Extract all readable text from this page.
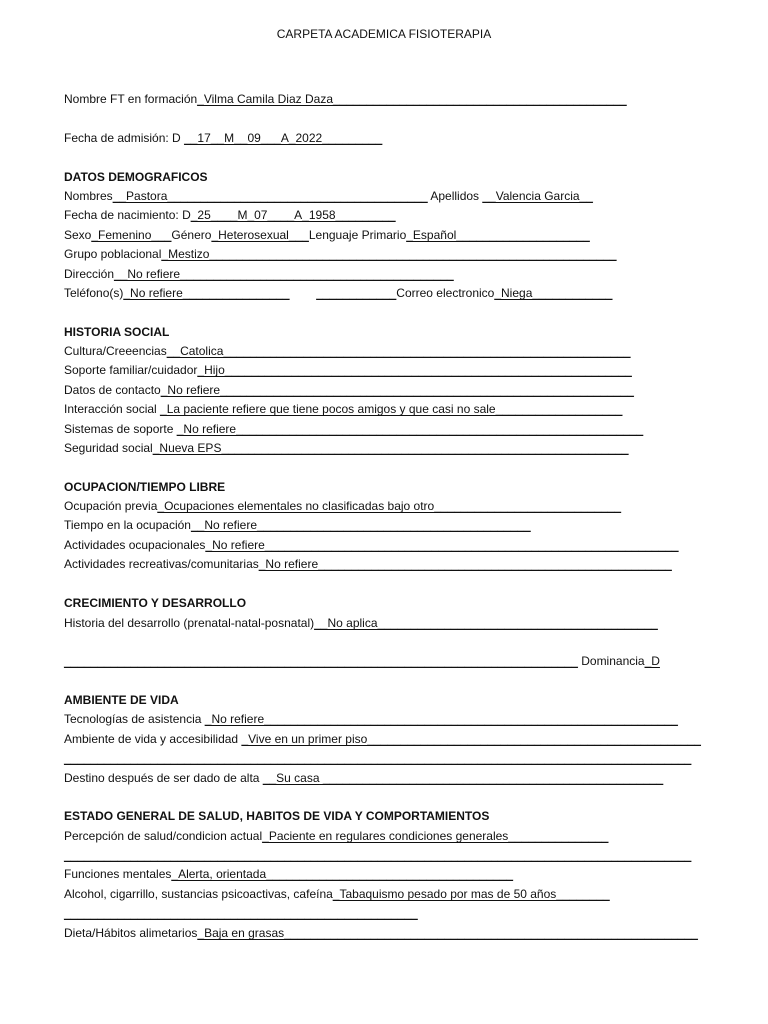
CARPETA ACADEMICA FISIOTERAPIA
Nombre FT en formación_Vilma Camila Diaz Daza____________________________________________
Fecha de admisión: D __17__M__09___A_2022_________
DATOS DEMOGRAFICOS
Nombres__Pastora_______________________________________ Apellidos __Valencia Garcia__
Fecha de nacimiento: D_25____M_07____A_1958_________
Sexo_Femenino___Género_Heterosexual___Lenguaje Primario_Español____________________
Grupo poblacional_Mestizo_____________________________________________________________
Dirección__No refiere_________________________________________
Teléfono(s)_No refiere________________ ____________Correo electronico_Niega____________
HISTORIA SOCIAL
Cultura/Creeencias__Catolica_____________________________________________________________
Soporte familiar/cuidador_Hijo_____________________________________________________________
Datos de contacto_No refiere______________________________________________________________
Interacción social _La paciente refiere que tiene pocos amigos y que casi no sale___________________
Sistemas de soporte _No refiere_____________________________________________________________
Seguridad social_Nueva EPS_____________________________________________________________
OCUPACION/TIEMPO LIBRE
Ocupación previa_Ocupaciones elementales no clasificadas bajo otro____________________________
Tiempo en la ocupación__No refiere_________________________________________
Actividades ocupacionales_No refiere______________________________________________________________
Actividades recreativas/comunitarias_No refiere_____________________________________________________
CRECIMIENTO Y DESARROLLO
Historia del desarrollo (prenatal-natal-posnatal)__No aplica__________________________________________
_____________________________________________________________________________ Dominancia_D
AMBIENTE DE VIDA
Tecnologías de asistencia _No refiere______________________________________________________________
Ambiente de vida y accesibilidad _Vive en un primer piso__________________________________________________
______________________________________________________________________________________________
Destino después de ser dado de alta __Su casa ___________________________________________________
ESTADO GENERAL DE SALUD, HABITOS DE VIDA Y COMPORTAMIENTOS
Percepción de salud/condicion actual_Paciente en regulares condiciones generales_______________
______________________________________________________________________________________________
Funciones mentales_Alerta, orientada_____________________________________
Alcohol, cigarrillo, sustancias psicoactivas, cafeína_Tabaquismo pesado por mas de 50 años________
_____________________________________________________
Dieta/Hábitos alimetarios_Baja en grasas______________________________________________________________
